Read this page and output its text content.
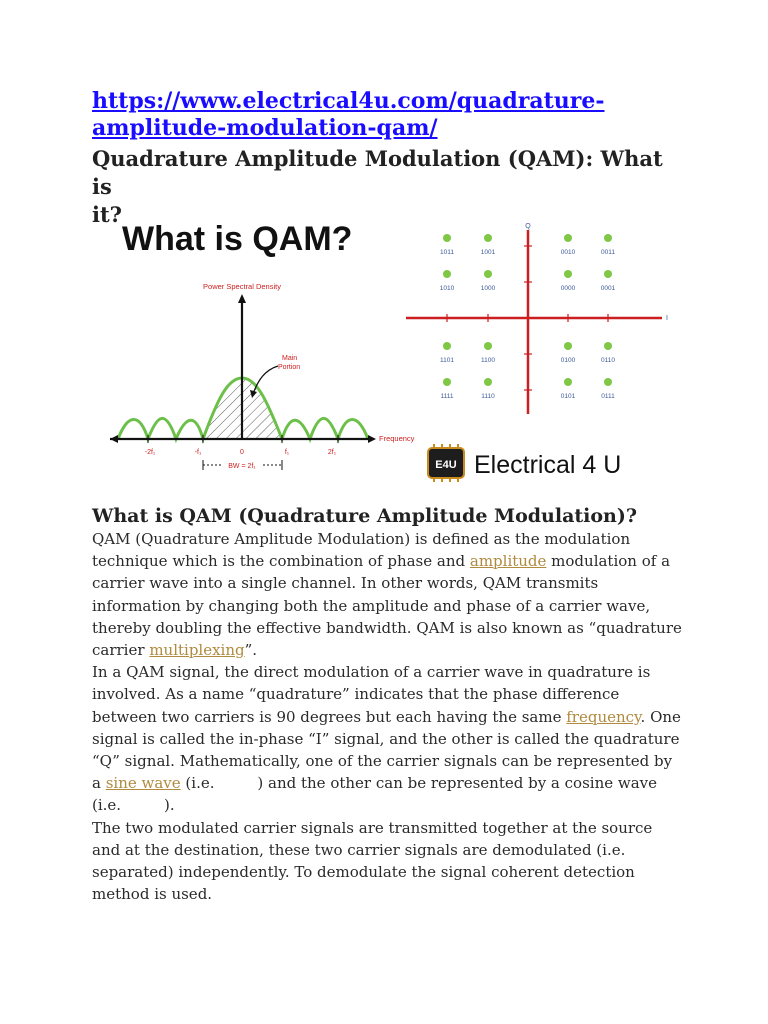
https://www.electrical4u.com/quadrature-
amplitude-modulation-qam/
Quadrature Amplitude Modulation (QAM): What is
it?
What is QAM?
Power Spectral Density
Frequency
Main
Portion
-2f₁	-f₁	0	f₁	2f₁
BW = 2f₁
Q
I
1011	1001	0010	0011
1010	1000	0000	0001
1101	1100	0100	0110
1111	1110	0101	0111
E4U Electrical 4 U
What is QAM (Quadrature Amplitude Modulation)?

QAM (Quadrature Amplitude Modulation) is defined as the modulation technique which is the combination of phase and amplitude modulation of a carrier wave into a single channel. In other words, QAM transmits information by changing both the amplitude and phase of a carrier wave, thereby doubling the effective bandwidth. QAM is also known as “quadrature carrier multiplexing”.

In a QAM signal, the direct modulation of a carrier wave in quadrature is involved. As a name “quadrature” indicates that the phase difference between two carriers is 90 degrees but each having the same frequency. One signal is called the in-phase “I” signal, and the other is called the quadrature “Q” signal. Mathematically, one of the carrier signals can be represented by a sine wave (i.e.         ) and the other can be represented by a cosine wave (i.e.         ).

The two modulated carrier signals are transmitted together at the source and at the destination, these two carrier signals are demodulated (i.e. separated) independently. To demodulate the signal coherent detection method is used.
